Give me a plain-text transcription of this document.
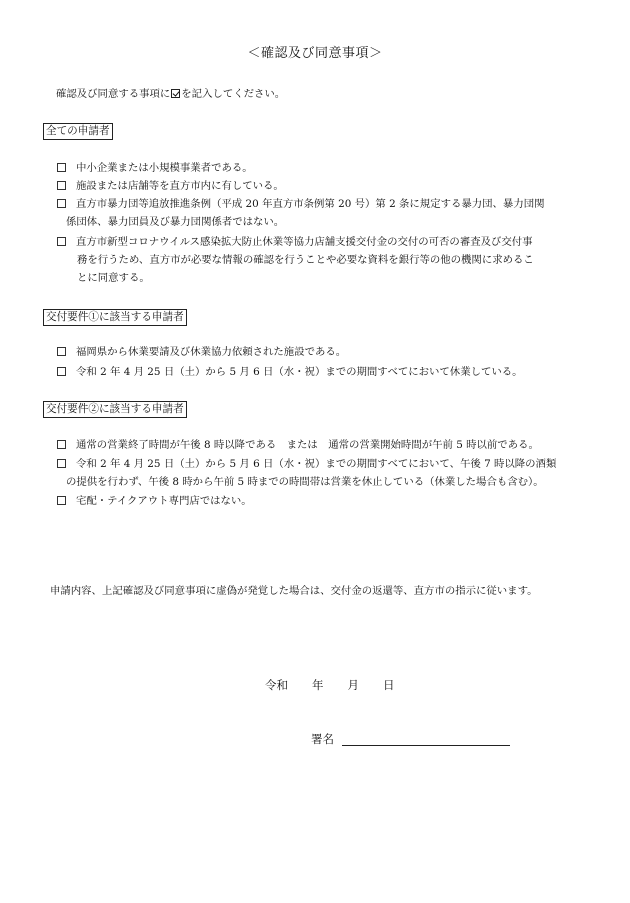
＜確認及び同意事項＞
確認及び同意する事項に を記入してください。
全ての申請者
中小企業または小規模事業者である。
施設または店舗等を直方市内に有している。
直方市暴力団等追放推進条例（平成 20 年直方市条例第 20 号）第 2 条に規定する暴力団、暴力団関
係団体、暴力団員及び暴力団関係者ではない。
直方市新型コロナウイルス感染拡大防止休業等協力店舗支援交付金の交付の可否の審査及び交付事
務を行うため、直方市が必要な情報の確認を行うことや必要な資料を銀行等の他の機関に求めるこ
とに同意する。
交付要件①に該当する申請者
福岡県から休業要請及び休業協力依頼された施設である。
令和 2 年 4 月 25 日（土）から 5 月 6 日（水・祝）までの期間すべてにおいて休業している。
交付要件②に該当する申請者
通常の営業終了時間が午後 8 時以降である　または　通常の営業開始時間が午前 5 時以前である。
令和 2 年 4 月 25 日（土）から 5 月 6 日（水・祝）までの期間すべてにおいて、午後 7 時以降の酒類
の提供を行わず、午後 8 時から午前 5 時までの時間帯は営業を休止している（休業した場合も含む）。
宅配・テイクアウト専門店ではない。
申請内容、上記確認及び同意事項に虚偽が発覚した場合は、交付金の返還等、直方市の指示に従います。
令和 年 月 日
署名
